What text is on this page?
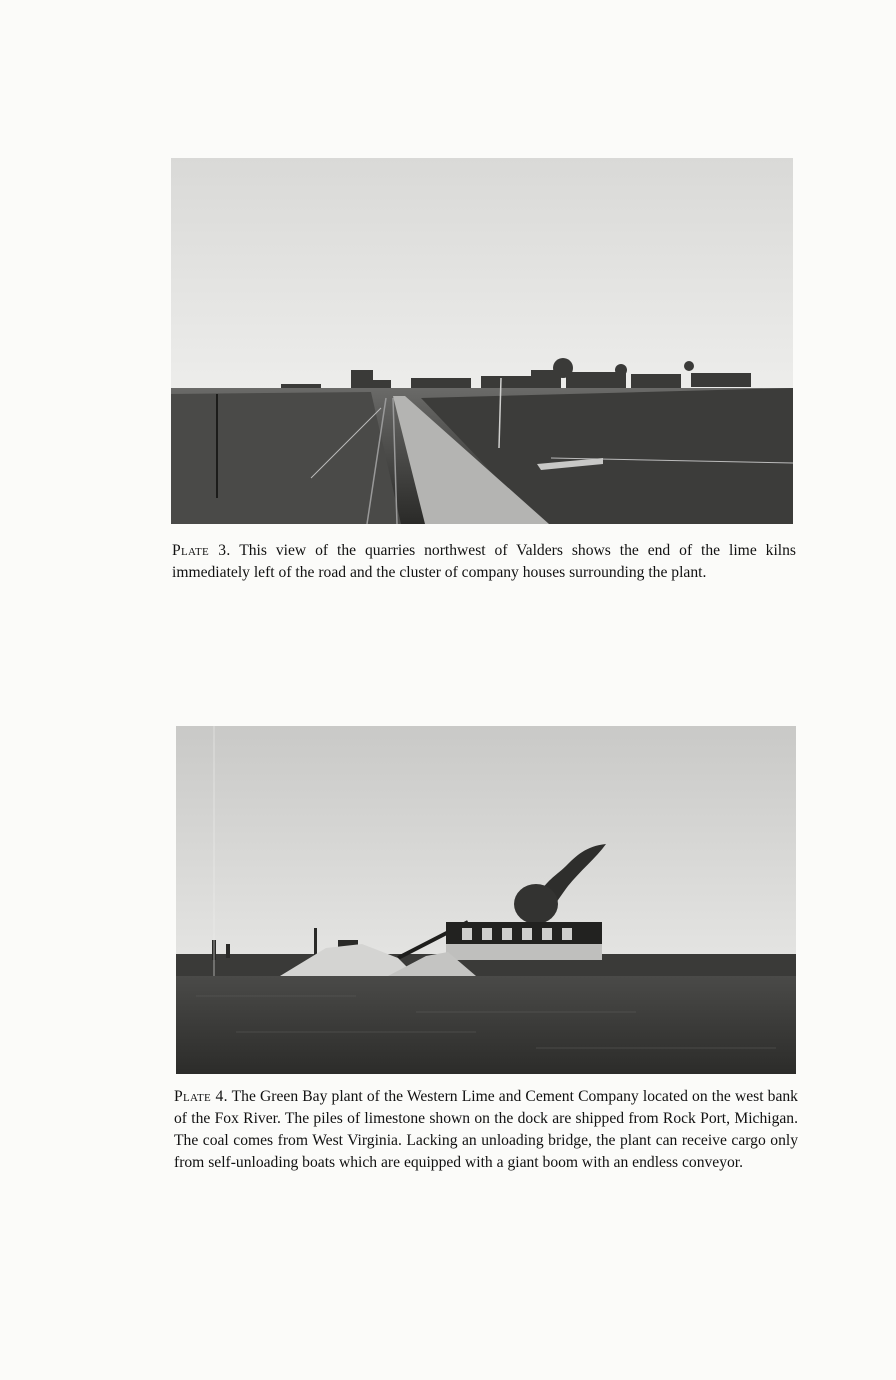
Plate 3. This view of the quarries northwest of Valders shows the end of the lime kilns immediately left of the road and the cluster of company houses surrounding the plant.

Plate 4. The Green Bay plant of the Western Lime and Cement Company located on the west bank of the Fox River. The piles of limestone shown on the dock are shipped from Rock Port, Michigan. The coal comes from West Virginia. Lacking an unloading bridge, the plant can receive cargo only from self-unloading boats which are equipped with a giant boom with an endless conveyor.
